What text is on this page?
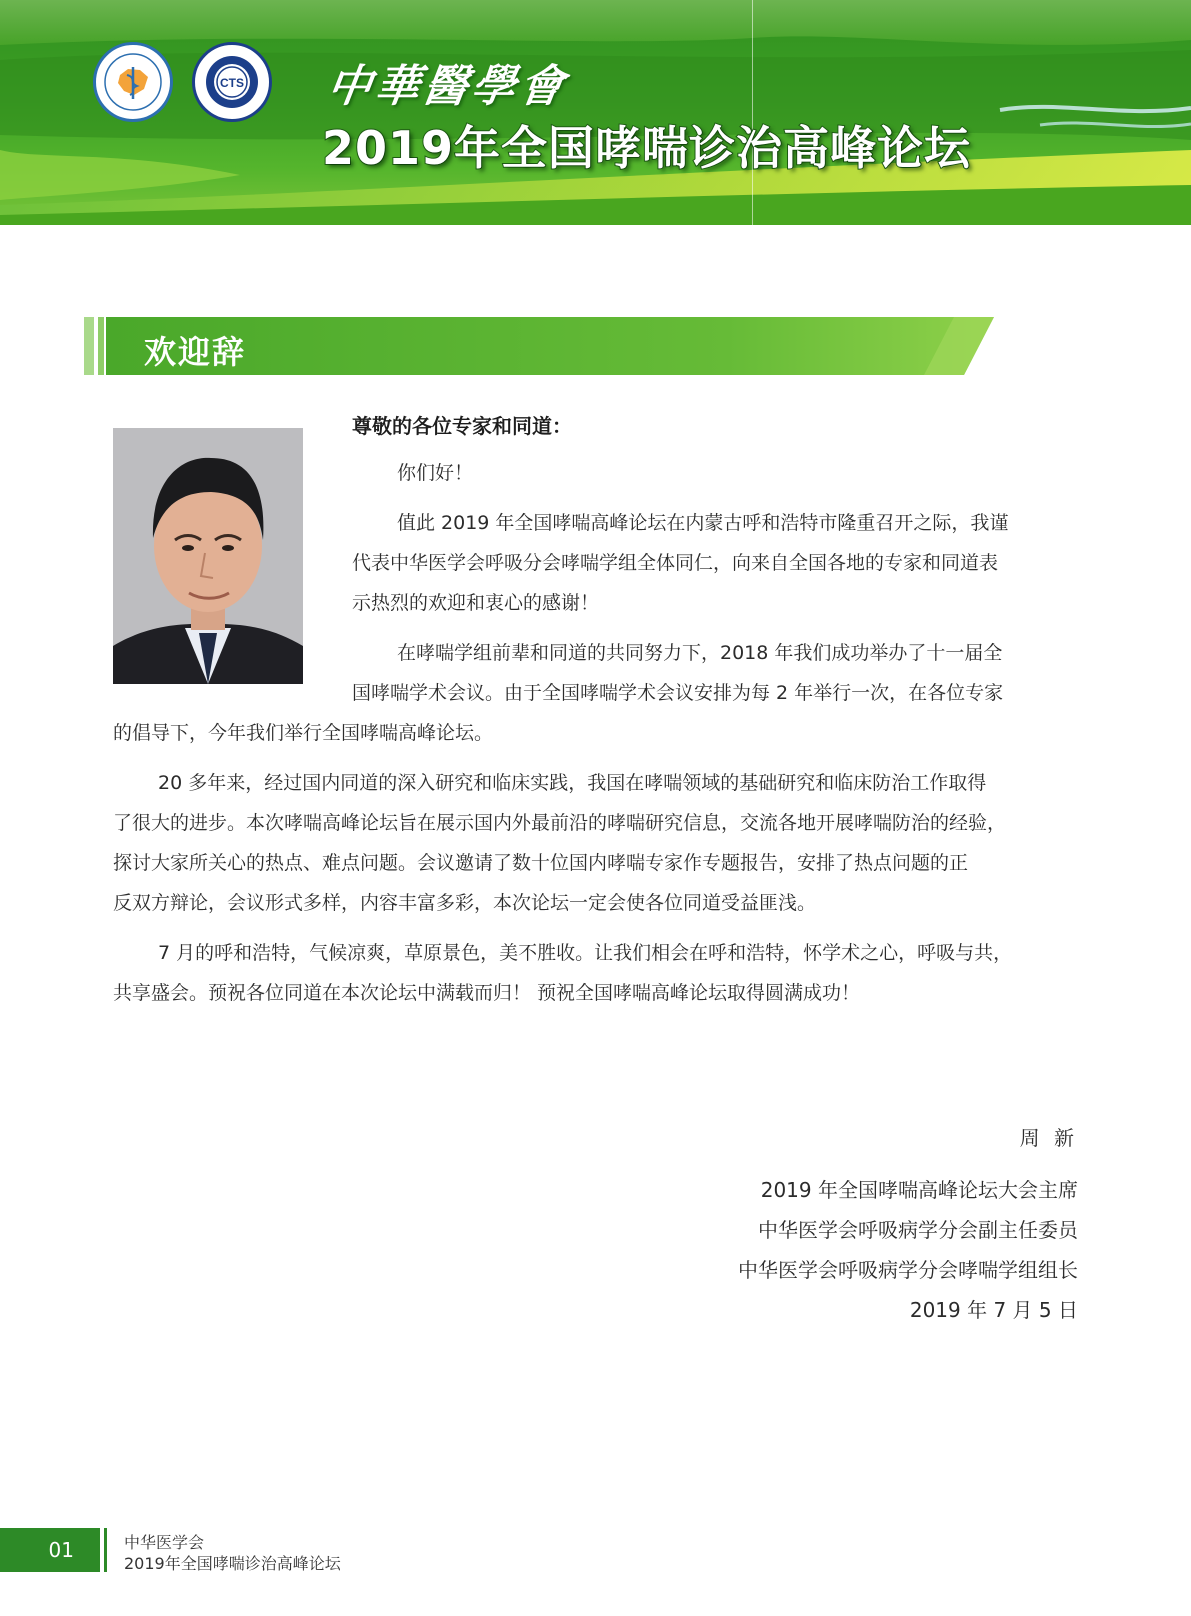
CTS 中華醫學會
2019年全国哮喘诊治高峰论坛
欢迎辞

尊敬的各位专家和同道：

你们好！

值此 2019 年全国哮喘高峰论坛在内蒙古呼和浩特市隆重召开之际，我谨

代表中华医学会呼吸分会哮喘学组全体同仁，向来自全国各地的专家和同道表

示热烈的欢迎和衷心的感谢！

在哮喘学组前辈和同道的共同努力下，2018 年我们成功举办了十一届全

国哮喘学术会议。由于全国哮喘学术会议安排为每 2 年举行一次，在各位专家

的倡导下，今年我们举行全国哮喘高峰论坛。

20 多年来，经过国内同道的深入研究和临床实践，我国在哮喘领域的基础研究和临床防治工作取得

了很大的进步。本次哮喘高峰论坛旨在展示国内外最前沿的哮喘研究信息，交流各地开展哮喘防治的经验，

探讨大家所关心的热点、难点问题。会议邀请了数十位国内哮喘专家作专题报告，安排了热点问题的正

反双方辩论，会议形式多样，内容丰富多彩，本次论坛一定会使各位同道受益匪浅。

7 月的呼和浩特，气候凉爽，草原景色，美不胜收。让我们相会在呼和浩特，怀学术之心，呼吸与共，

共享盛会。预祝各位同道在本次论坛中满载而归！ 预祝全国哮喘高峰论坛取得圆满成功！

周 新

2019 年全国哮喘高峰论坛大会主席

中华医学会呼吸病学分会副主任委员

中华医学会呼吸病学分会哮喘学组组长

2019 年 7 月 5 日

01	中华医学会
2019年全国哮喘诊治高峰论坛
